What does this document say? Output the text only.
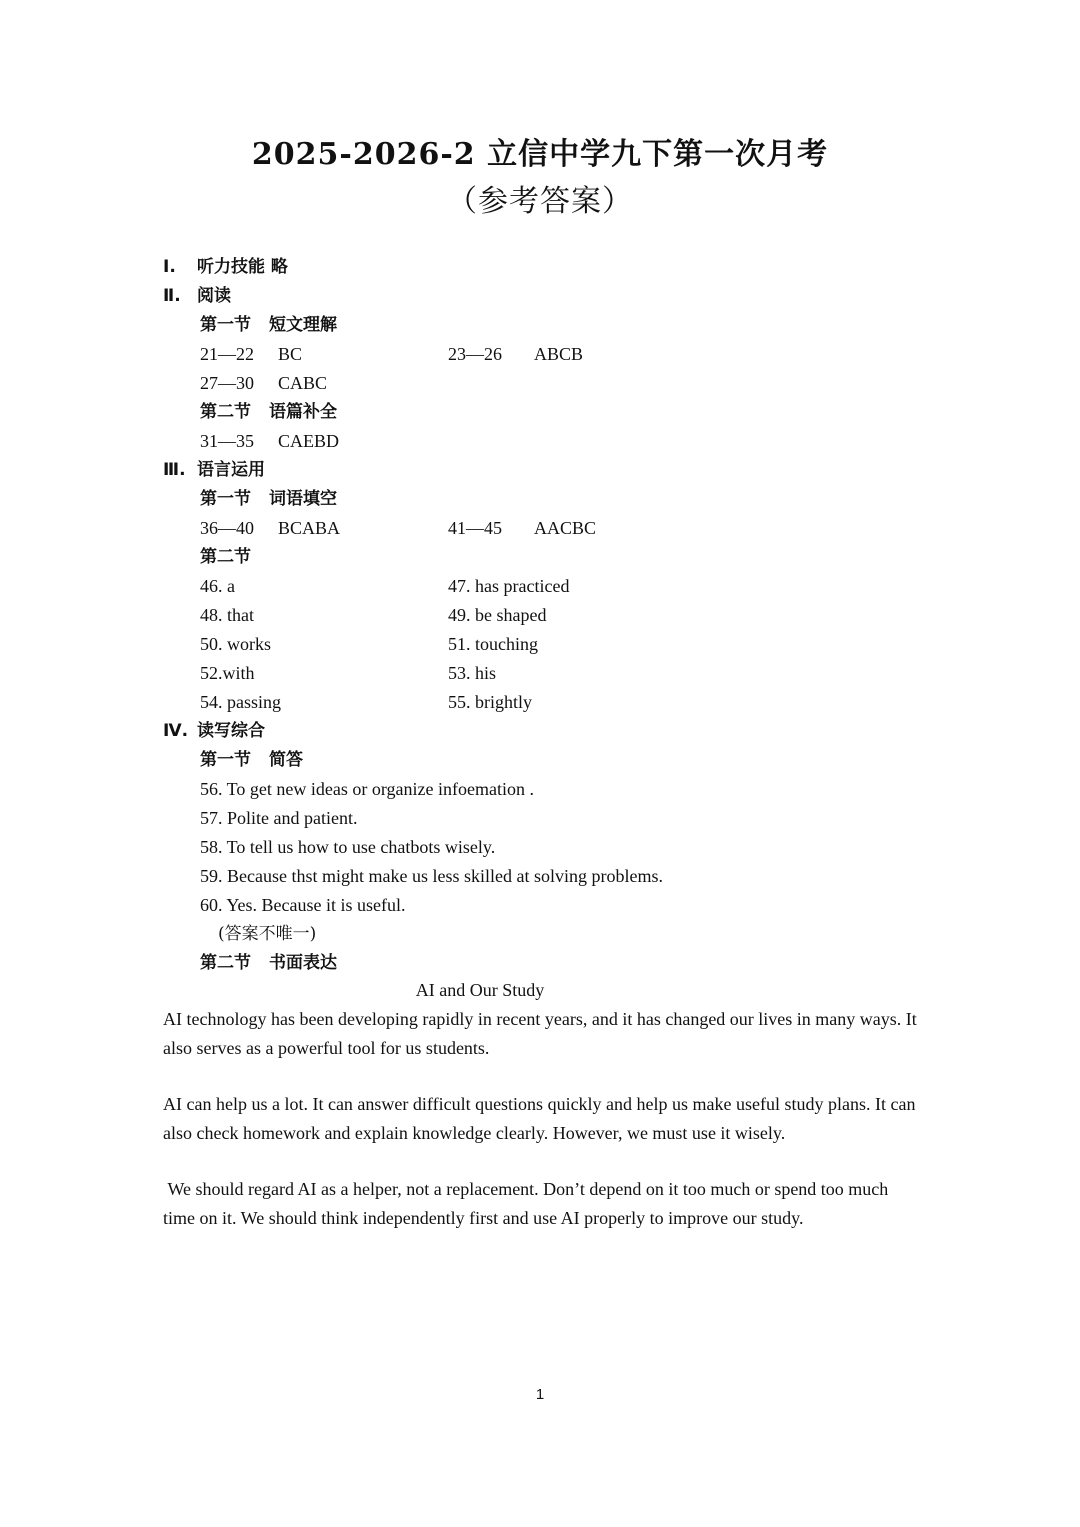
2025-2026-2 立信中学九下第一次月考
（参考答案）
Ⅰ. 听力技能 略
Ⅱ. 阅读
第一节 短文理解
21—22 BC	23—26 ABCB
27—30 CABC
第二节 语篇补全
31—35 CAEBD
Ⅲ. 语言运用
第一节 词语填空
36—40 BCABA	41—45 AACBC
第二节
46. a	47. has practiced
48. that	49. be shaped
50. works	51. touching
52.with	53. his
54. passing	55. brightly
Ⅳ. 读写综合
第一节 简答
56. To get new ideas or organize infoemation .
57. Polite and patient.
58. To tell us how to use chatbots wisely.
59. Because thst might make us less skilled at solving problems.
60. Yes. Because it is useful.
(答案不唯一)
第二节 书面表达
AI and Our Study
AI technology has been developing rapidly in recent years, and it has changed our lives in many ways. It also serves as a powerful tool for us students.
AI can help us a lot. It can answer difficult questions quickly and help us make useful study plans. It can also check homework and explain knowledge clearly. However, we must use it wisely.
We should regard AI as a helper, not a replacement. Don’t depend on it too much or spend too much time on it. We should think independently first and use AI properly to improve our study.
1
